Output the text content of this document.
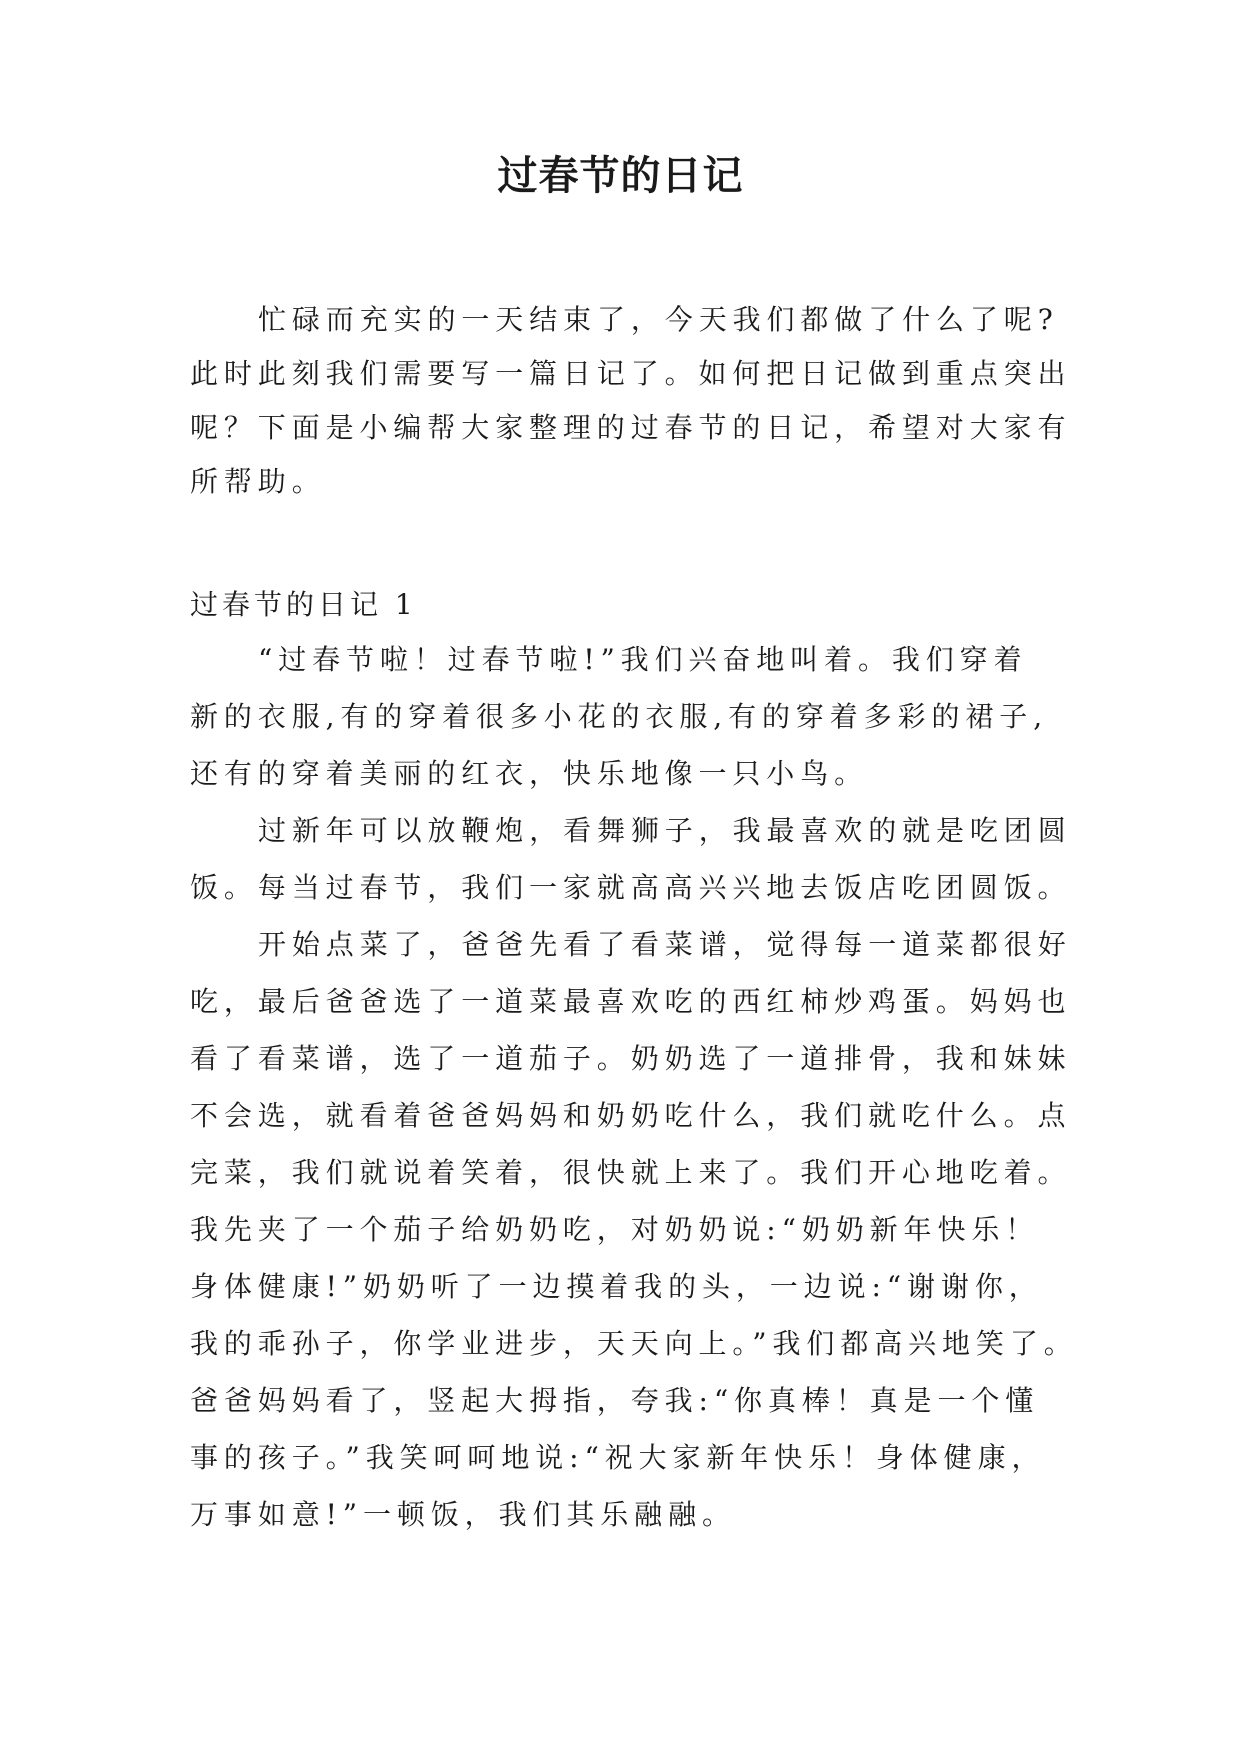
过春节的日记
忙碌而充实的一天结束了，今天我们都做了什么了呢?
此时此刻我们需要写一篇日记了。如何把日记做到重点突出
呢？下面是小编帮大家整理的过春节的日记，希望对大家有
所帮助。
过春节的日记 1
“过春节啦！过春节啦!”我们兴奋地叫着。我们穿着
新的衣服,有的穿着很多小花的衣服,有的穿着多彩的裙子,
还有的穿着美丽的红衣，快乐地像一只小鸟。
过新年可以放鞭炮，看舞狮子，我最喜欢的就是吃团圆
饭。每当过春节，我们一家就高高兴兴地去饭店吃团圆饭。
开始点菜了，爸爸先看了看菜谱，觉得每一道菜都很好
吃，最后爸爸选了一道菜最喜欢吃的西红柿炒鸡蛋。妈妈也
看了看菜谱，选了一道茄子。奶奶选了一道排骨，我和妹妹
不会选，就看着爸爸妈妈和奶奶吃什么，我们就吃什么。点
完菜，我们就说着笑着，很快就上来了。我们开心地吃着。
我先夹了一个茄子给奶奶吃，对奶奶说:“奶奶新年快乐！
身体健康!”奶奶听了一边摸着我的头，一边说:“谢谢你，
我的乖孙子，你学业进步，天天向上。”我们都高兴地笑了。
爸爸妈妈看了，竖起大拇指，夸我:“你真棒！真是一个懂
事的孩子。”我笑呵呵地说:“祝大家新年快乐！身体健康，
万事如意!”一顿饭，我们其乐融融。
